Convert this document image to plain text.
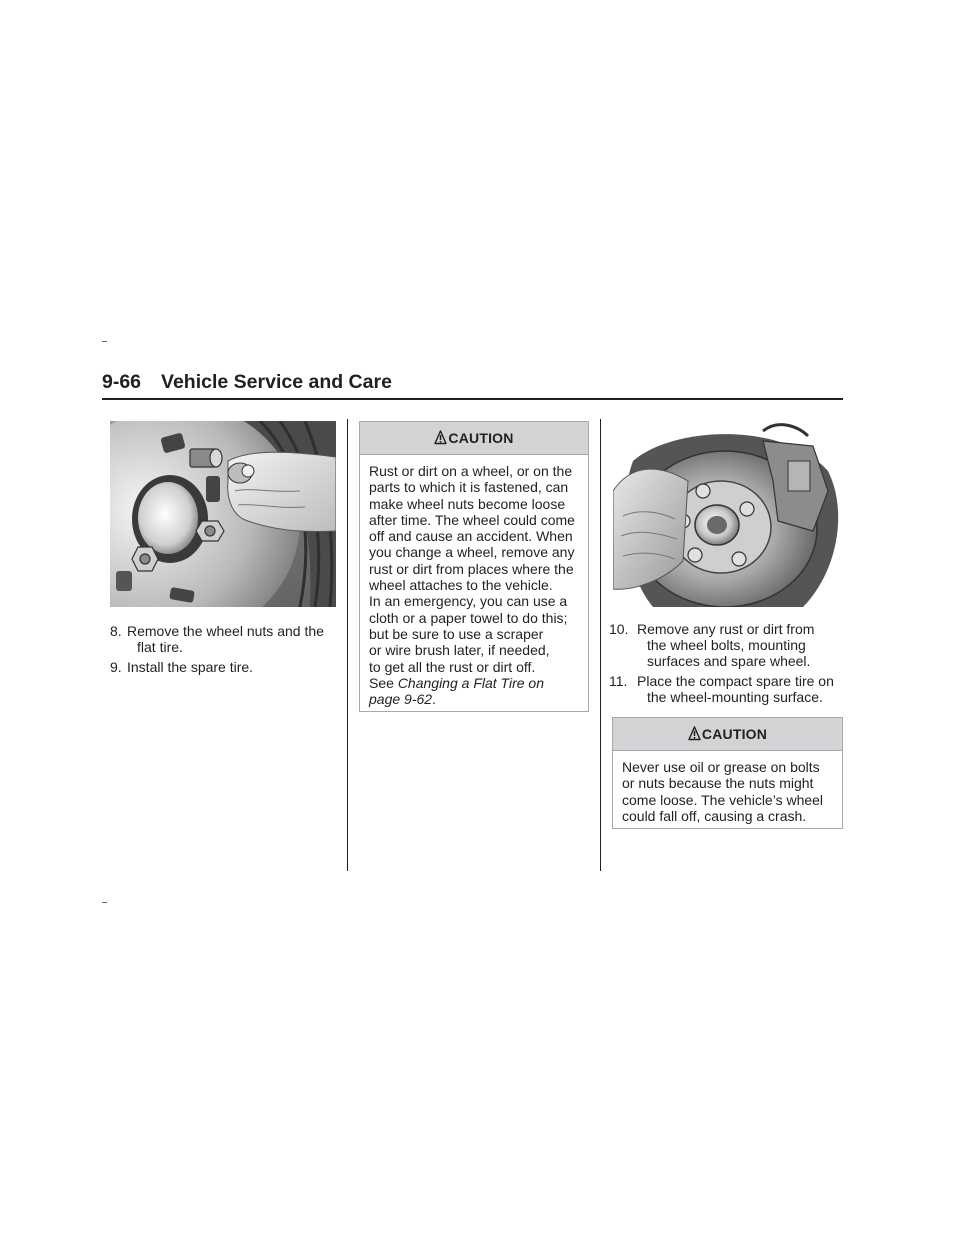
9-66 Vehicle Service and Care
8. Remove the wheel nuts and the
flat tire.
9. Install the spare tire.
CAUTION
Rust or dirt on a wheel, or on the
parts to which it is fastened, can
make wheel nuts become loose
after time. The wheel could come
off and cause an accident. When
you change a wheel, remove any
rust or dirt from places where the
wheel attaches to the vehicle.
In an emergency, you can use a
cloth or a paper towel to do this;
but be sure to use a scraper
or wire brush later, if needed,
to get all the rust or dirt off.
See Changing a Flat Tire on
page 9-62.
10. Remove any rust or dirt from
the wheel bolts, mounting
surfaces and spare wheel.
11. Place the compact spare tire on
the wheel-mounting surface.
CAUTION
Never use oil or grease on bolts
or nuts because the nuts might
come loose. The vehicle’s wheel
could fall off, causing a crash.
